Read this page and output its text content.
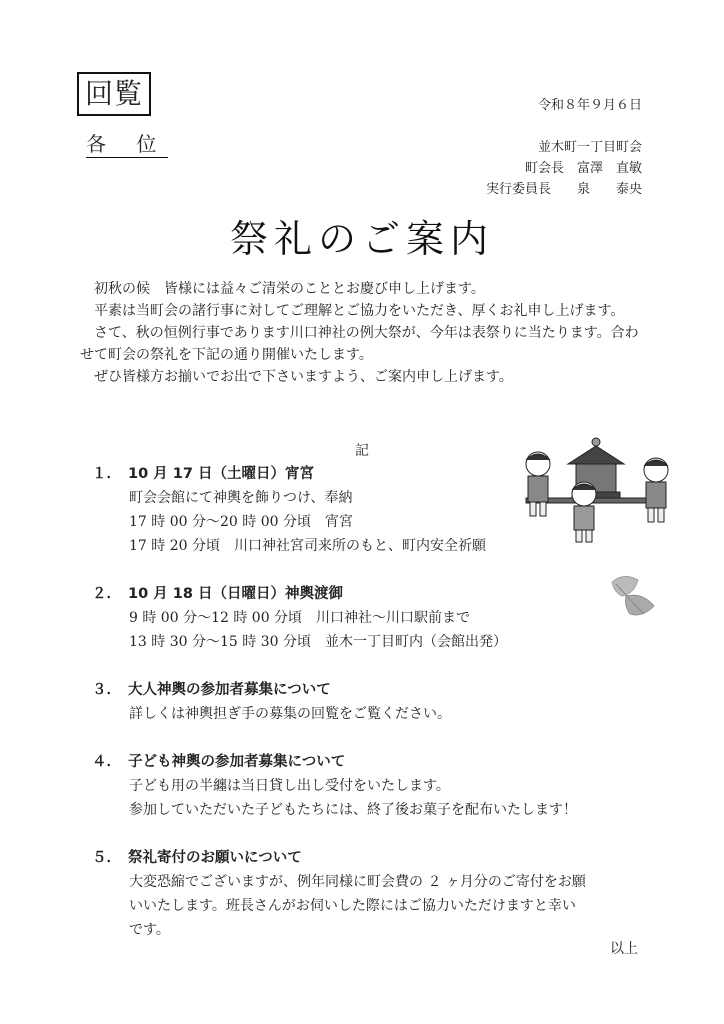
回覧
各 位
令和８年９月６日
並木町一丁目町会
町会長　富澤　直敏
実行委員長　　泉　　泰央
祭礼のご案内

初秋の候　皆様には益々ご清栄のこととお慶び申し上げます。

平素は当町会の諸行事に対してご理解とご協力をいただき、厚くお礼申し上げます。

さて、秋の恒例行事であります川口神社の例大祭が、今年は表祭りに当たります。合わせて町会の祭礼を下記の通り開催いたします。

ぜひ皆様方お揃いでお出で下さいますよう、ご案内申し上げます。

記
１． 10 月 17 日（土曜日）宵宮
町会会館にて神輿を飾りつけ、奉納
17 時 00 分～20 時 00 分頃　宵宮
17 時 20 分頃　川口神社宮司来所のもと、町内安全祈願
２． 10 月 18 日（日曜日）神輿渡御
9 時 00 分～12 時 00 分頃　川口神社～川口駅前まで
13 時 30 分～15 時 30 分頃　並木一丁目町内（会館出発）
３． 大人神輿の参加者募集について
詳しくは神輿担ぎ手の募集の回覧をご覧ください。
４． 子ども神輿の参加者募集について
子ども用の半纏は当日貸し出し受付をいたします。
参加していただいた子どもたちには、終了後お菓子を配布いたします！
５． 祭礼寄付のお願いについて
大変恐縮でございますが、例年同様に町会費の ２ ヶ月分のご寄付をお願
いいたします。班長さんがお伺いした際にはご協力いただけますと幸い
です。
以上
